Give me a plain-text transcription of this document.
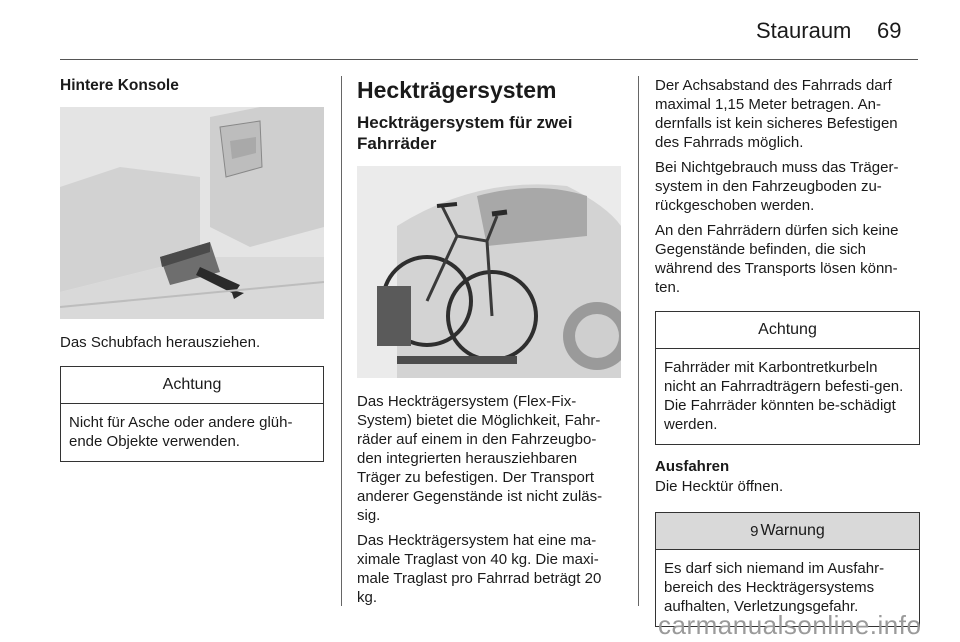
Stauraum 69
Hintere Konsole

Das Schubfach herausziehen.

Achtung
Nicht für Asche oder andere glüh-ende Objekte verwenden.
Heckträgersystem
Heckträgersystem für zwei Fahrräder

Das Heckträgersystem (Flex-Fix-System) bietet die Möglichkeit, Fahr-räder auf einem in den Fahrzeugbo-den integrierten herausziehbaren Träger zu befestigen. Der Transport anderer Gegenstände ist nicht zuläs-sig.

Das Heckträgersystem hat eine ma-ximale Traglast von 40 kg. Die maxi-male Traglast pro Fahrrad beträgt 20 kg.

Der Achsabstand des Fahrrads darf maximal 1,15 Meter betragen. An-dernfalls ist kein sicheres Befestigen des Fahrrads möglich.

Bei Nichtgebrauch muss das Träger-system in den Fahrzeugboden zu-rückgeschoben werden.

An den Fahrrädern dürfen sich keine Gegenstände befinden, die sich während des Transports lösen könn-ten.

Achtung
Fahrräder mit Karbontretkurbeln nicht an Fahrradträgern befesti-gen. Die Fahrräder könnten be-schädigt werden.
Ausfahren

Die Hecktür öffnen.

9 Warnung
Es darf sich niemand im Ausfahr-bereich des Heckträgersystems aufhalten, Verletzungsgefahr.
carmanualsonline.info
